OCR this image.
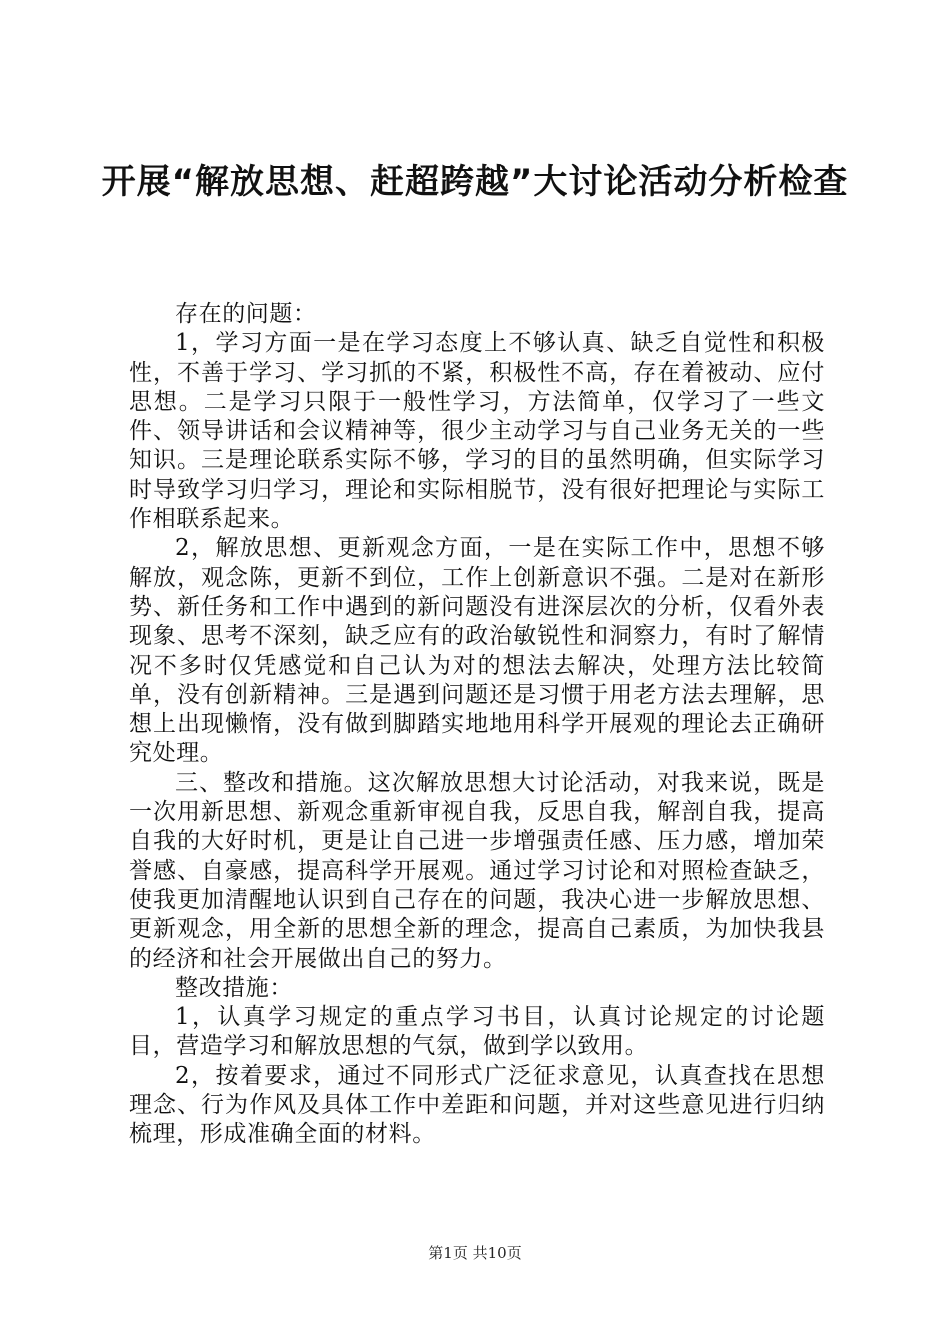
开展“解放思想、赶超跨越”大讨论活动分析检查

存在的问题：

1，学习方面一是在学习态度上不够认真、缺乏自觉性和积极性，不善于学习、学习抓的不紧，积极性不高，存在着被动、应付思想。二是学习只限于一般性学习，方法简单，仅学习了一些文件、领导讲话和会议精神等，很少主动学习与自己业务无关的一些知识。三是理论联系实际不够，学习的目的虽然明确，但实际学习时导致学习归学习，理论和实际相脱节，没有很好把理论与实际工作相联系起来。

2，解放思想、更新观念方面，一是在实际工作中，思想不够解放，观念陈，更新不到位，工作上创新意识不强。二是对在新形势、新任务和工作中遇到的新问题没有进深层次的分析，仅看外表现象、思考不深刻，缺乏应有的政治敏锐性和洞察力，有时了解情况不多时仅凭感觉和自己认为对的想法去解决，处理方法比较简单，没有创新精神。三是遇到问题还是习惯于用老方法去理解，思想上出现懒惰，没有做到脚踏实地地用科学开展观的理论去正确研究处理。

三、整改和措施。这次解放思想大讨论活动，对我来说，既是一次用新思想、新观念重新审视自我，反思自我，解剖自我，提高自我的大好时机，更是让自己进一步增强责任感、压力感，增加荣誉感、自豪感，提高科学开展观。通过学习讨论和对照检查缺乏，使我更加清醒地认识到自己存在的问题，我决心进一步解放思想、更新观念，用全新的思想全新的理念，提高自己素质，为加快我县的经济和社会开展做出自己的努力。

整改措施：

1，认真学习规定的重点学习书目，认真讨论规定的讨论题目，营造学习和解放思想的气氛，做到学以致用。

2，按着要求，通过不同形式广泛征求意见，认真查找在思想理念、行为作风及具体工作中差距和问题，并对这些意见进行归纳梳理，形成准确全面的材料。

第1页 共10页
